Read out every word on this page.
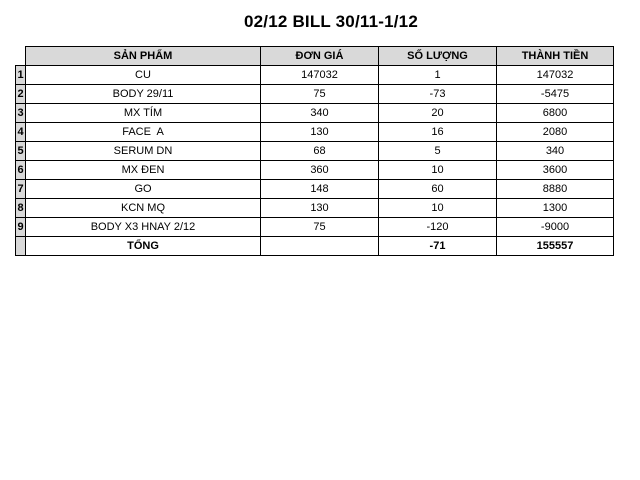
02/12 BILL 30/11-1/12
	SẢN PHẨM	ĐƠN GIÁ	SỐ LƯỢNG	THÀNH TIỀN
1	CU	147032	1	147032
2	BODY 29/11	75	-73	-5475
3	MX TÍM	340	20	6800
4	FACE  A	130	16	2080
5	SERUM DN	68	5	340
6	MX ĐEN	360	10	3600
7	GO	148	60	8880
8	KCN MQ	130	10	1300
9	BODY X3 HNAY 2/12	75	-120	-9000
	TỔNG		-71	155557
